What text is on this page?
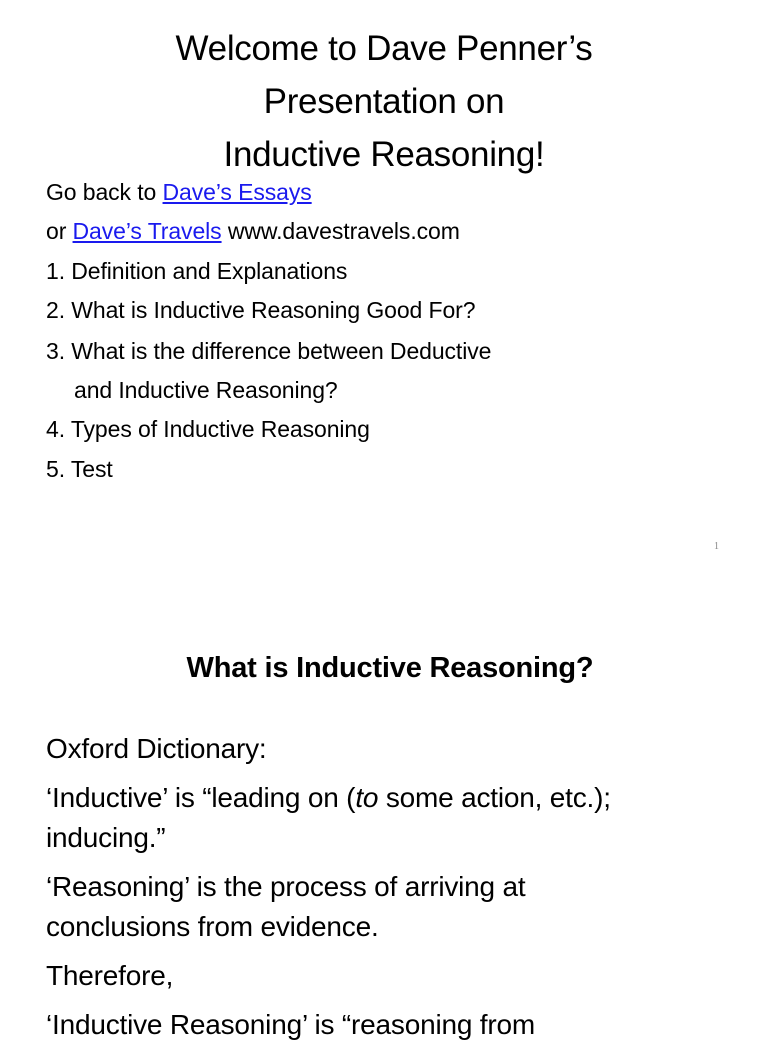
Welcome to Dave Penner’s
Presentation on
Inductive Reasoning!
Go back to Dave’s Essays
or Dave’s Travels www.davestravels.com
1. Definition and Explanations
2. What is Inductive Reasoning Good For?
3. What is the difference between Deductive
and Inductive Reasoning?
4. Types of Inductive Reasoning
5. Test
1
What is Inductive Reasoning?
Oxford Dictionary:
‘Inductive’ is “leading on (to some action, etc.);
inducing.”
‘Reasoning’ is the process of arriving at
conclusions from evidence.
Therefore,
‘Inductive Reasoning’ is “reasoning from
